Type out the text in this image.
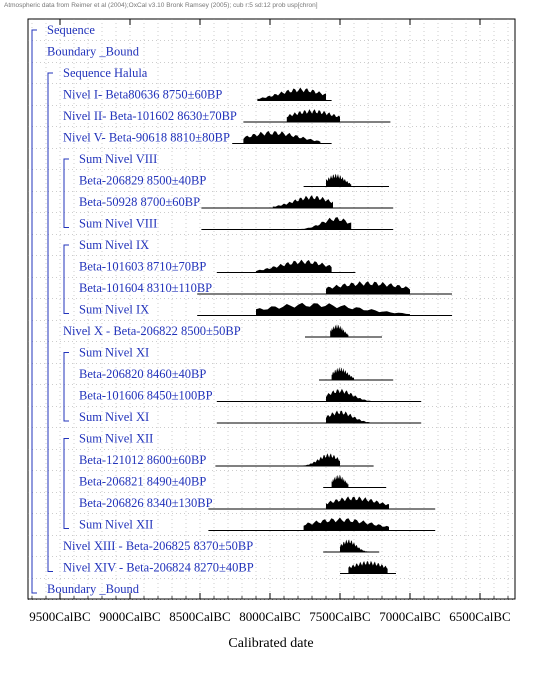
Atmospheric data from Reimer et al (2004);OxCal v3.10 Bronk Ramsey (2005); cub r:5 sd:12 prob usp[chron]
Sequence
Boundary _Bound
Sequence Halula
Nivel I- Beta80636 8750±60BP
Nivel II- Beta-101602 8630±70BP
Nivel V- Beta-90618 8810±80BP
Sum Nivel VIII
Beta-206829 8500±40BP
Beta-50928 8700±60BP
Sum Nivel VIII
Sum Nivel IX
Beta-101603 8710±70BP
Beta-101604 8310±110BP
Sum Nivel IX
Nivel X - Beta-206822 8500±50BP
Sum Nivel XI
Beta-206820 8460±40BP
Beta-101606 8450±100BP
Sum Nivel XI
Sum Nivel XII
Beta-121012 8600±60BP
Beta-206821 8490±40BP
Beta-206826 8340±130BP
Sum Nivel XII
Nivel XIII - Beta-206825 8370±50BP
Nivel XIV - Beta-206824 8270±40BP
Boundary _Bound
9500CalBC 9000CalBC 8500CalBC 8000CalBC 7500CalBC 7000CalBC 6500CalBC
Calibrated date
